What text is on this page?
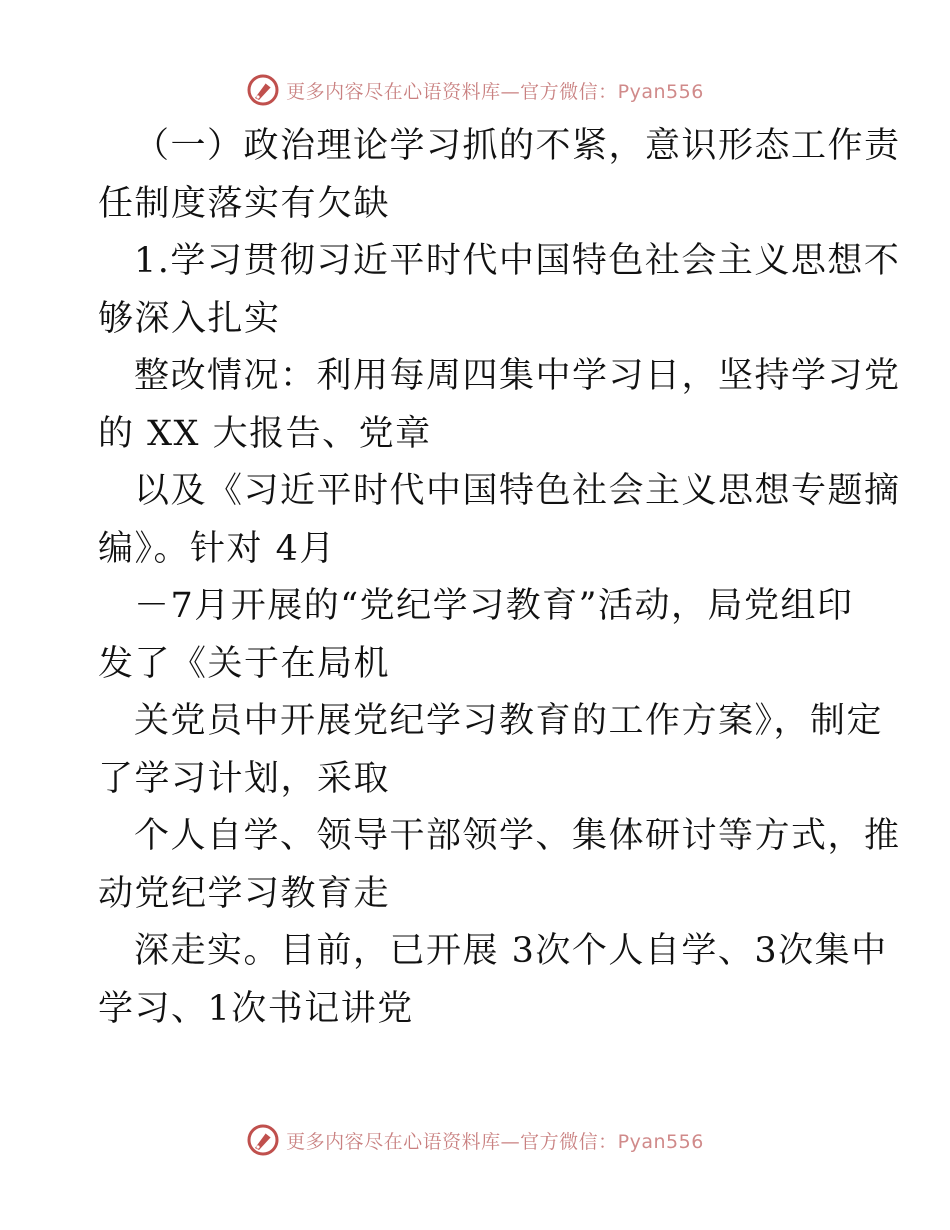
更多内容尽在心语资料库—官方微信：Pyan556
（一）政治理论学习抓的不紧，意识形态工作责
任制度落实有欠缺
1.学习贯彻习近平时代中国特色社会主义思想不
够深入扎实
整改情况：利用每周四集中学习日，坚持学习党
的 XX 大报告、党章
以及《习近平时代中国特色社会主义思想专题摘
编》。针对 4月
－7月开展的“党纪学习教育”活动，局党组印
发了《关于在局机
关党员中开展党纪学习教育的工作方案》，制定
了学习计划，采取
个人自学、领导干部领学、集体研讨等方式，推
动党纪学习教育走
深走实。目前，已开展 3次个人自学、3次集中
学习、1次书记讲党
更多内容尽在心语资料库—官方微信：Pyan556
